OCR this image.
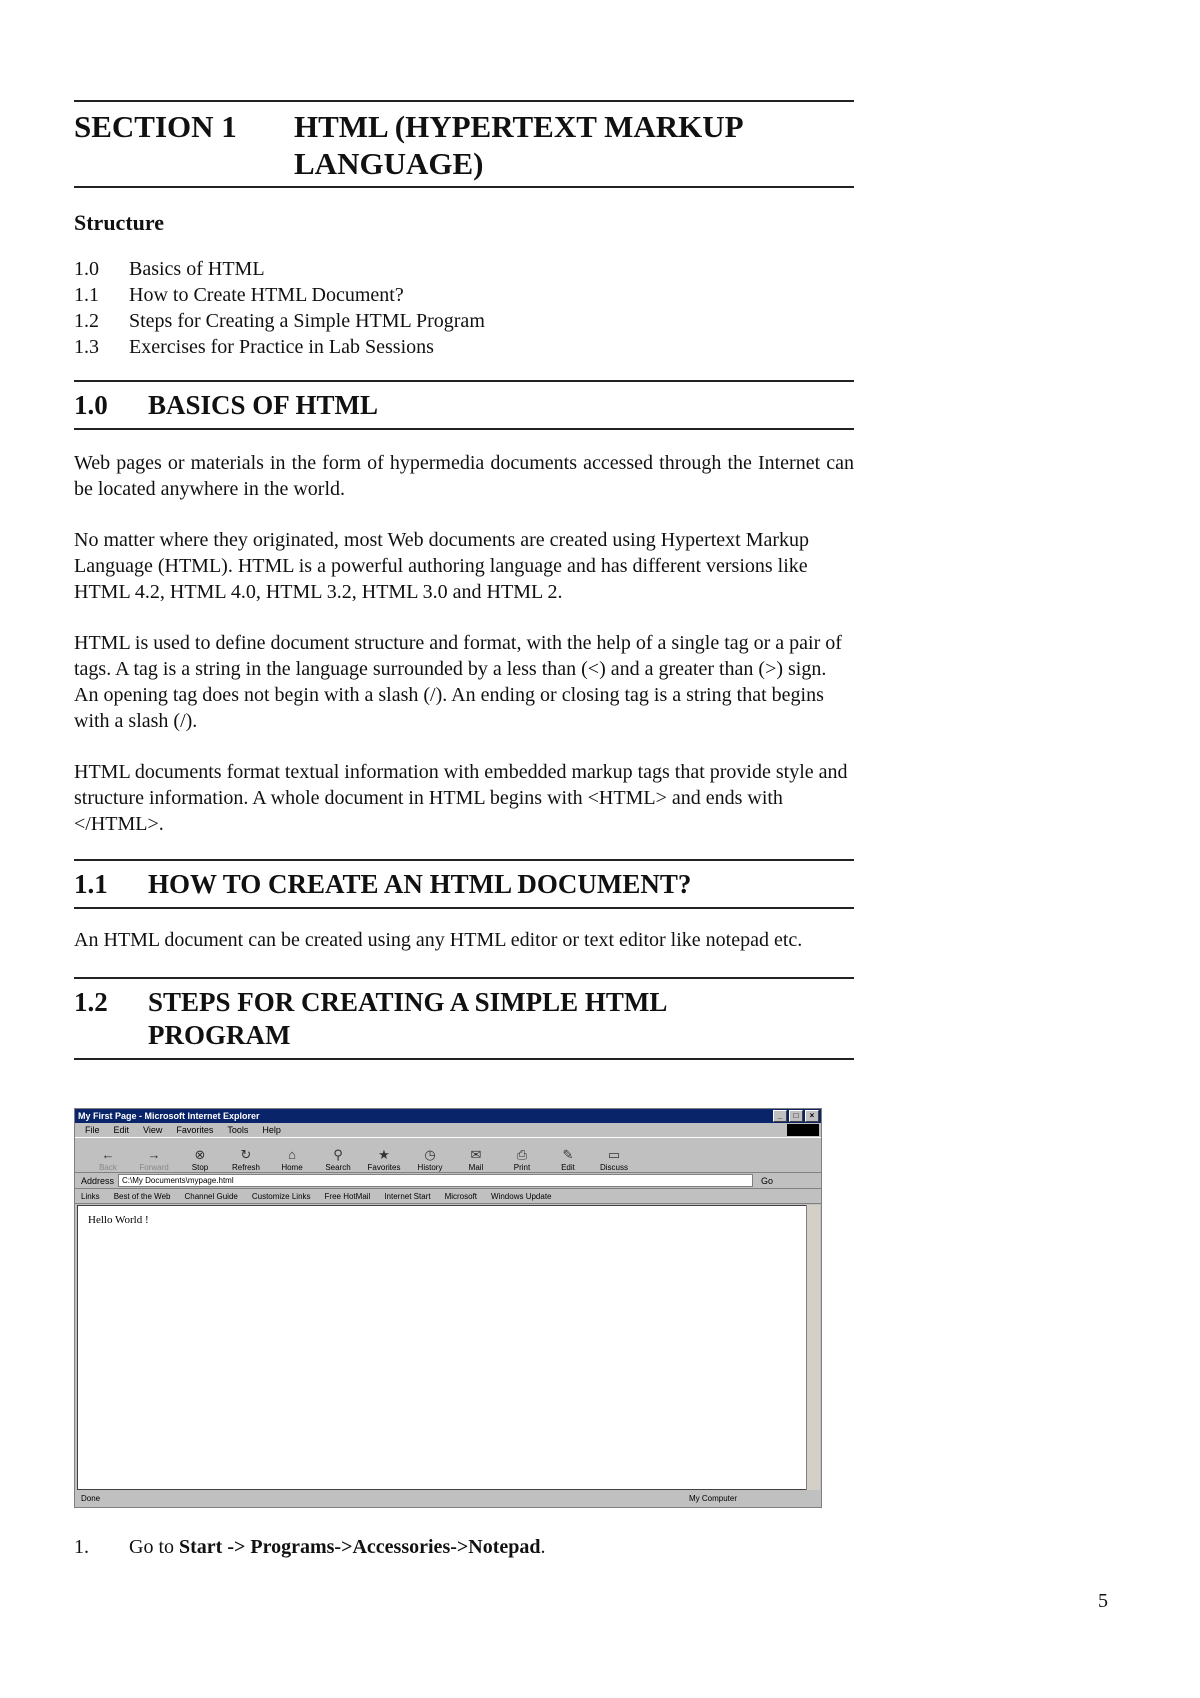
SECTION 1	HTML (HYPERTEXT MARKUP
LANGUAGE)
Structure
1.0	Basics of HTML
1.1	How to Create HTML Document?
1.2	Steps for Creating a Simple HTML Program
1.3	Exercises for Practice in Lab Sessions
1.0	BASICS OF HTML

Web pages or materials in the form of hypermedia documents accessed through the Internet can be located anywhere in the world.

No matter where they originated, most Web documents are created using Hypertext Markup Language (HTML). HTML is a powerful authoring language and has different versions like HTML 4.2, HTML 4.0, HTML 3.2, HTML 3.0 and HTML 2.

HTML is used to define document structure and format, with the help of a single tag or a pair of tags. A tag is a string in the language surrounded by a less than (<) and a greater than (>) sign. An opening tag does not begin with a slash (/). An ending or closing tag is a string that begins with a slash (/).

HTML documents format textual information with embedded markup tags that provide style and structure information. A whole document in HTML begins with <HTML> and ends with </HTML>.

1.1	HOW TO CREATE AN HTML DOCUMENT?

An HTML document can be created using any HTML editor or text editor like notepad etc.

1.2	STEPS FOR CREATING A SIMPLE HTML
PROGRAM
My First Page - Microsoft Internet Explorer	_	□	×
File Edit View Favorites Tools Help
←
Back
→
Forward
⊗
Stop
↻
Refresh
⌂
Home
⚲
Search
★
Favorites
◷
History
✉
Mail
⎙
Print
✎
Edit
▭
Discuss
Address	C:\My Documents\mypage.html	Go
Links Best of the Web Channel Guide Customize Links Free HotMail Internet Start Microsoft Windows Update
Hello World !
Done	My Computer
1.	Go to Start -> Programs->Accessories->Notepad.
5
